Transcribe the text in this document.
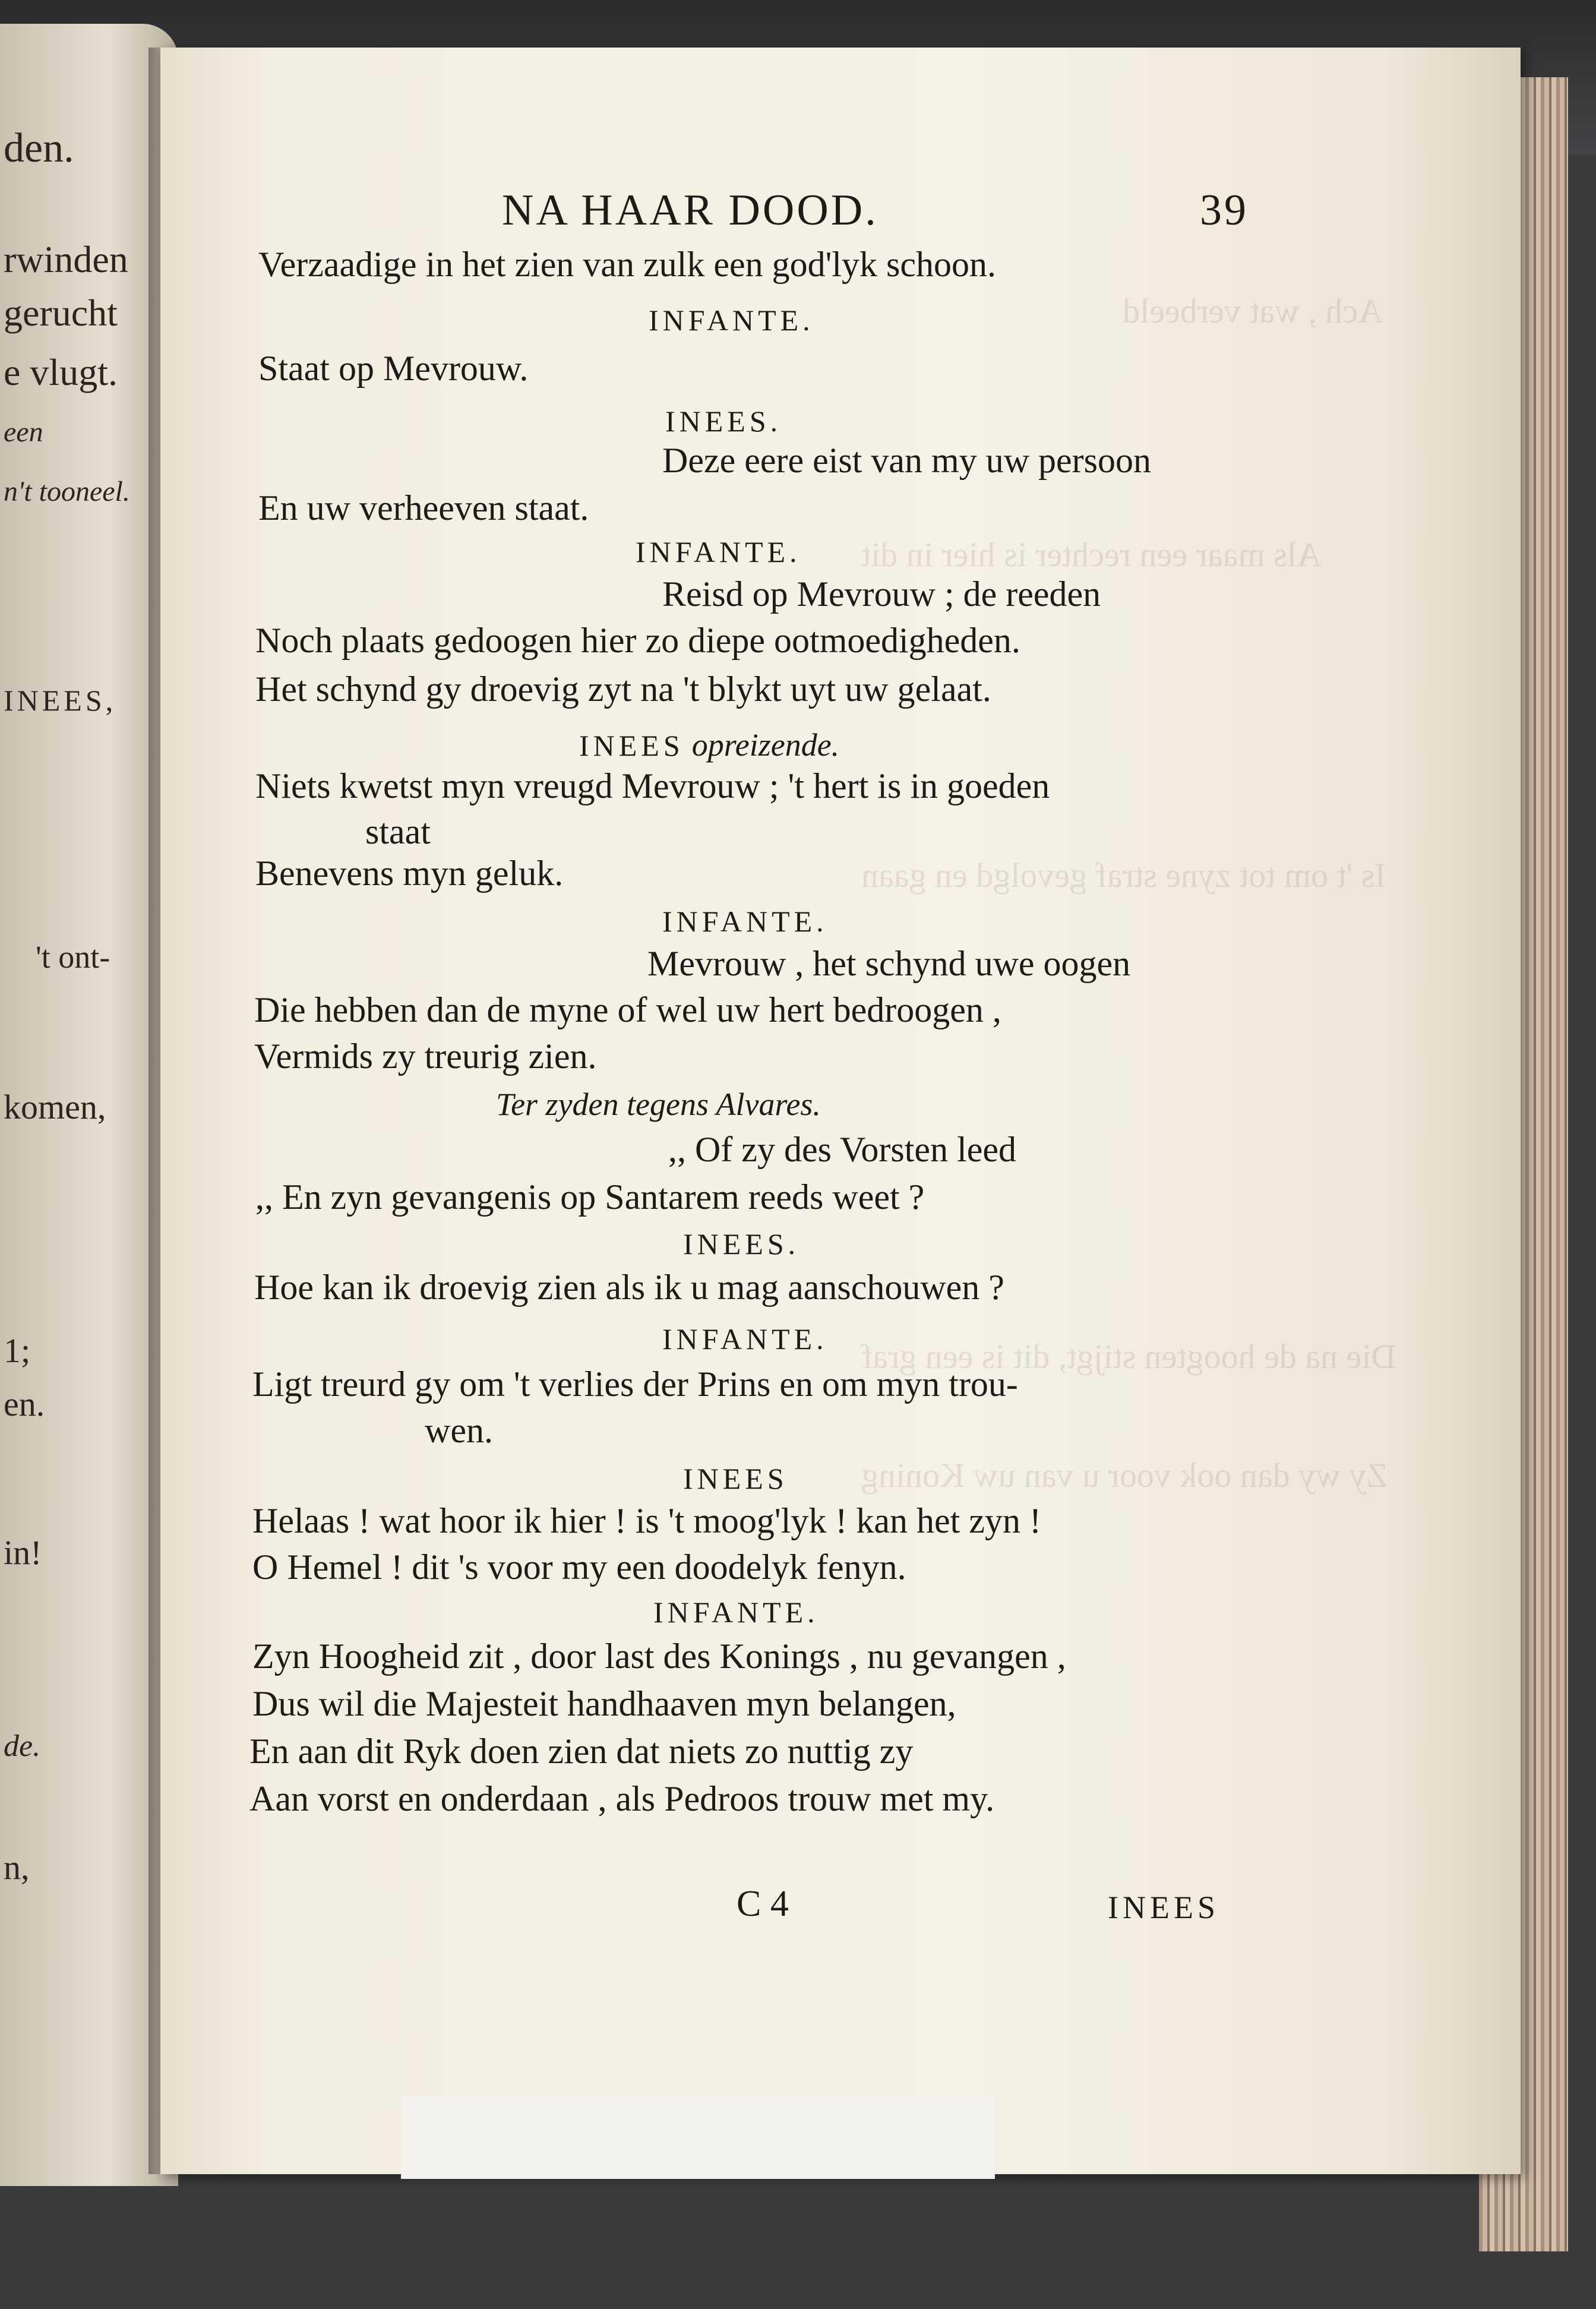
den.
rwinden
gerucht
e vlugt.
een
n't tooneel.
INEES,
't ont-
komen,
1;
en.
in!
de.
n,
Ach , wat verbeeld
Als maar een rechter is hier in dit
Is 't om tot zyne straf gevolgd en gaan
Die na de hoogten stijgt, dit is een graf
Zy wy dan ook voor u van uw Koning
NA HAAR DOOD.	39
Verzaadige in het zien van zulk een god'lyk schoon.
INFANTE.
Staat op Mevrouw.
INEES.
Deze eere eist van my uw persoon
En uw verheeven staat.
INFANTE.
Reisd op Mevrouw ; de reeden
Noch plaats gedoogen hier zo diepe ootmoedigheden.
Het schynd gy droevig zyt na 't blykt uyt uw gelaat.
INEES opreizende.
Niets kwetst myn vreugd Mevrouw ; 't hert is in goeden
staat
Benevens myn geluk.
INFANTE.
Mevrouw , het schynd uwe oogen
Die hebben dan de myne of wel uw hert bedroogen ,
Vermids zy treurig zien.
Ter zyden tegens Alvares.
,, Of zy des Vorsten leed
,, En zyn gevangenis op Santarem reeds weet ?
INEES.
Hoe kan ik droevig zien als ik u mag aanschouwen ?
INFANTE.
Ligt treurd gy om 't verlies der Prins en om myn trou-
wen.
INEES
Helaas ! wat hoor ik hier ! is 't moog'lyk ! kan het zyn !
O Hemel ! dit 's voor my een doodelyk fenyn.
INFANTE.
Zyn Hoogheid zit , door last des Konings , nu gevangen ,
Dus wil die Majesteit handhaaven myn belangen,
En aan dit Ryk doen zien dat niets zo nuttig zy
Aan vorst en onderdaan , als Pedroos trouw met my.
C 4	INEES
